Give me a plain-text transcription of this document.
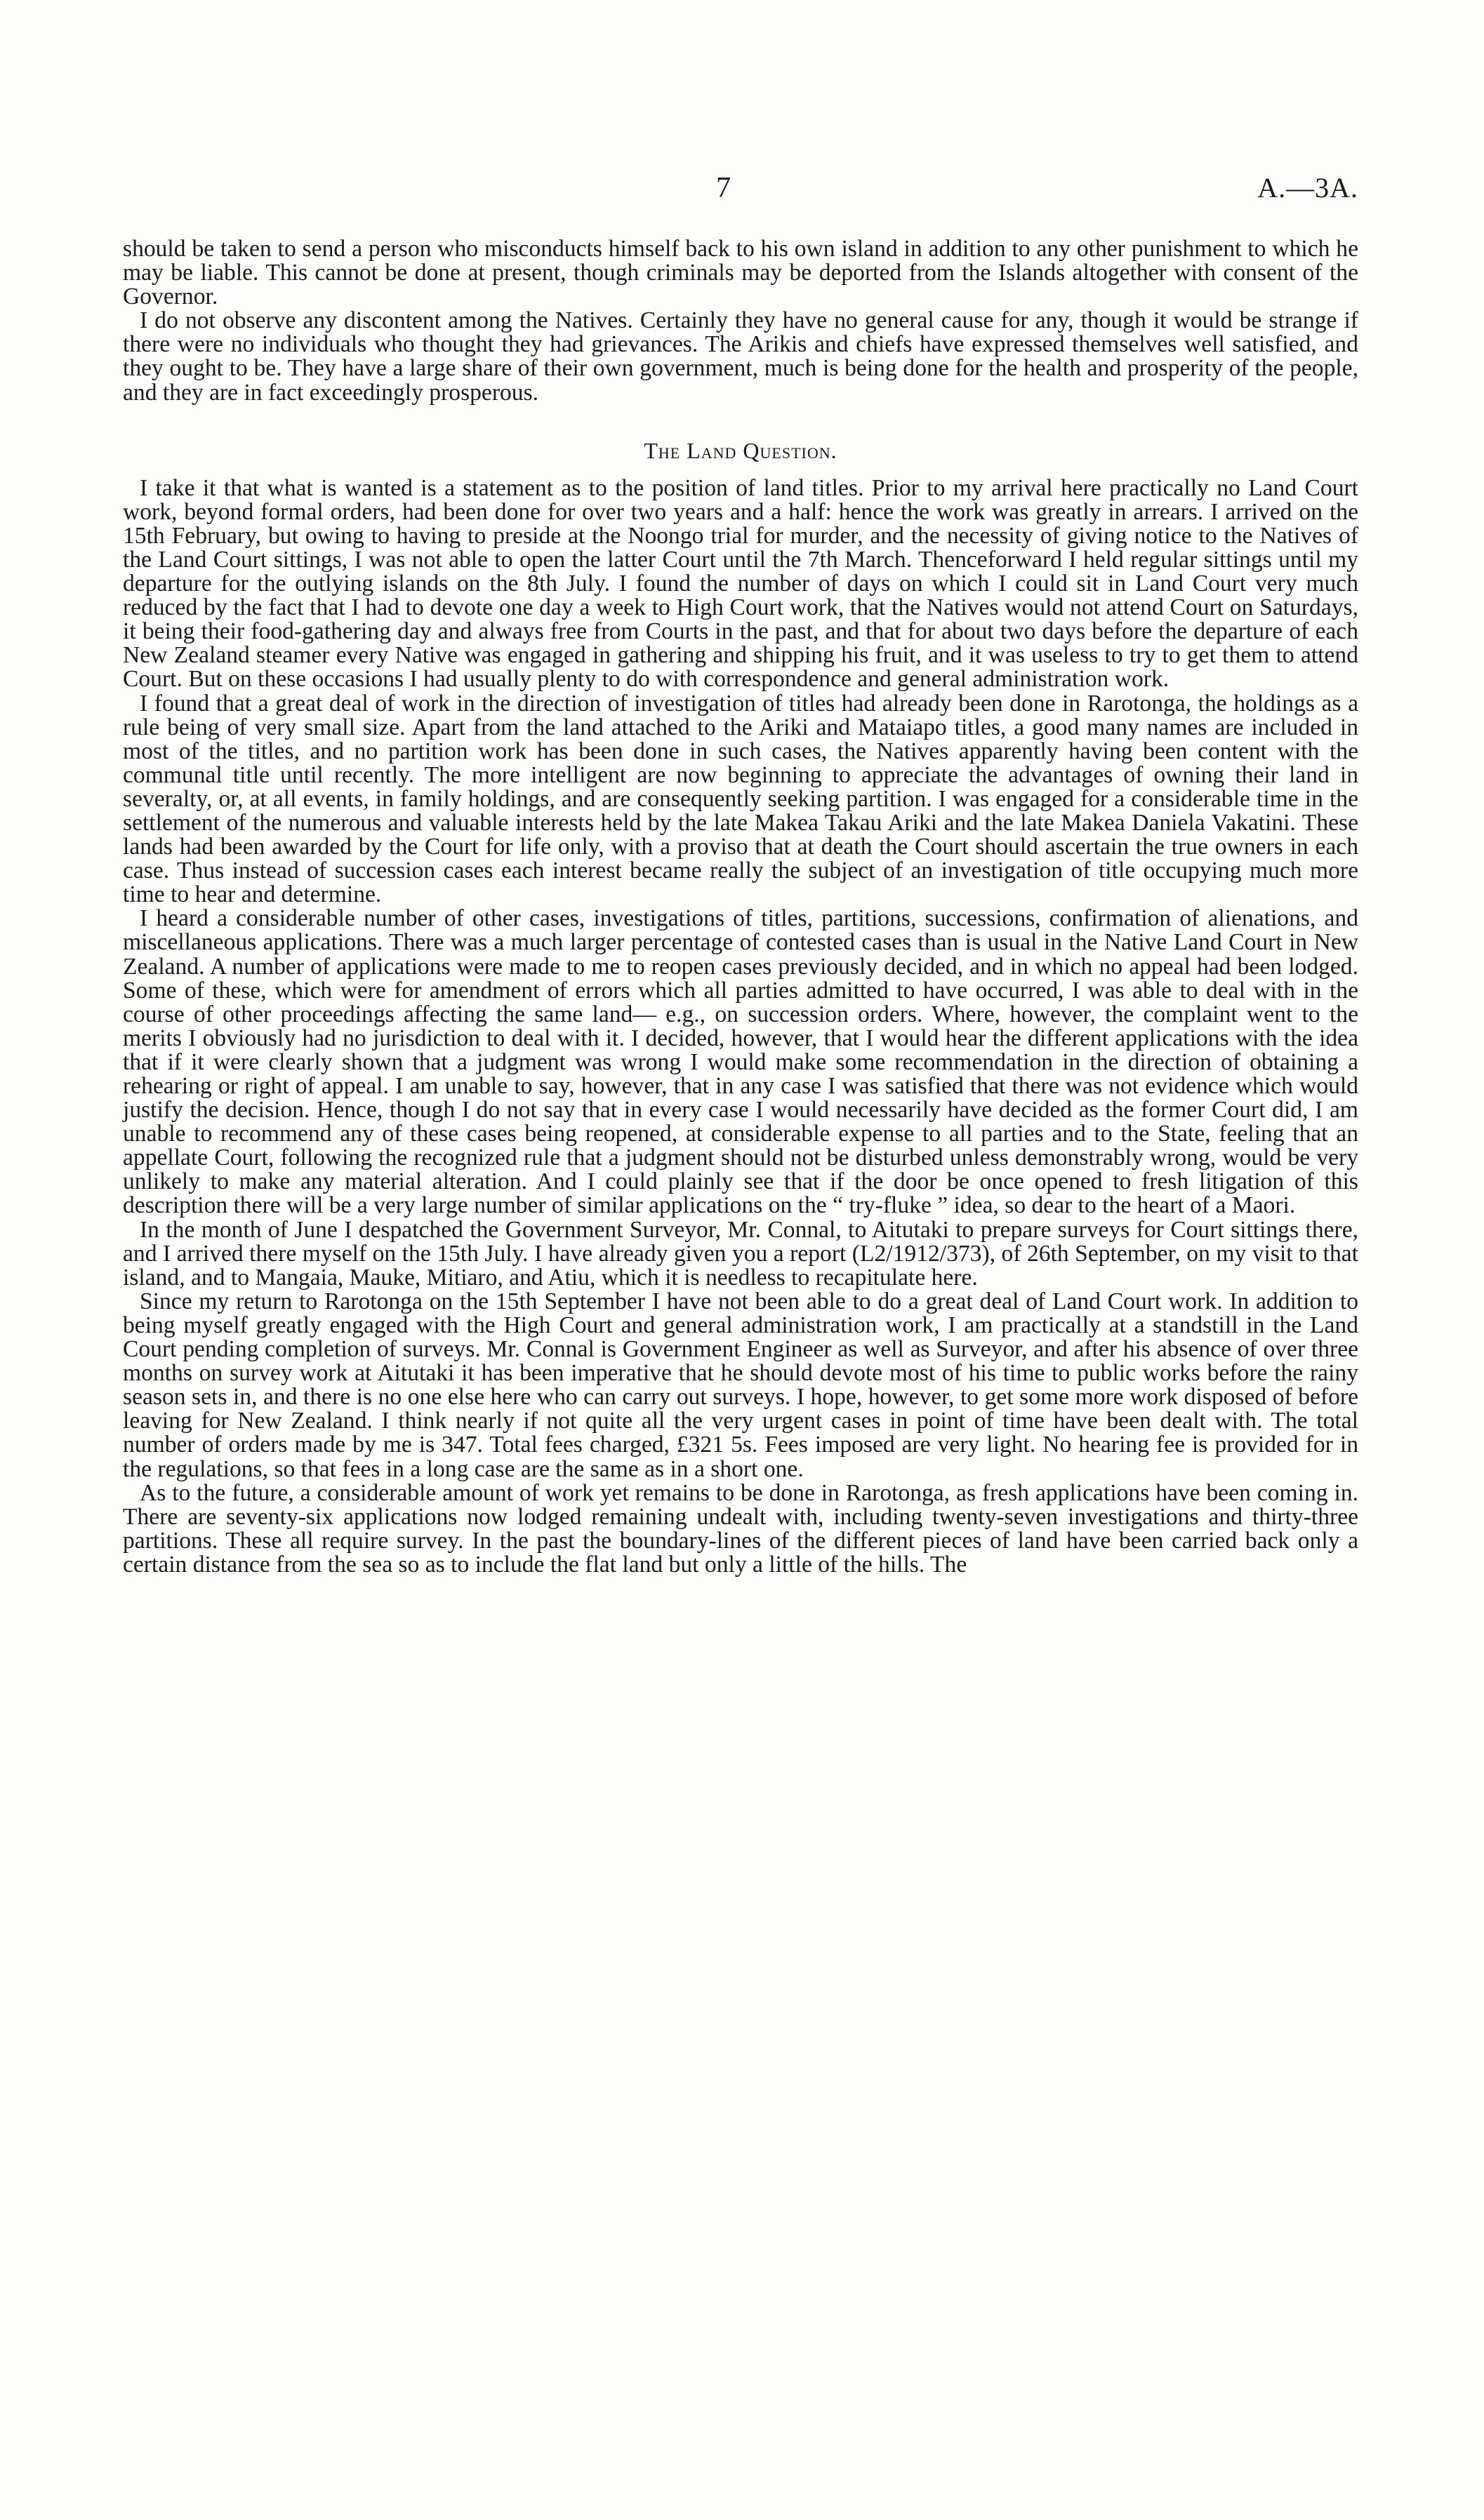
7	A.—3A.

should be taken to send a person who misconducts himself back to his own island in addition to any other punishment to which he may be liable. This cannot be done at present, though criminals may be deported from the Islands altogether with consent of the Governor.

I do not observe any discontent among the Natives. Certainly they have no general cause for any, though it would be strange if there were no individuals who thought they had grievances. The Arikis and chiefs have expressed themselves well satisfied, and they ought to be. They have a large share of their own government, much is being done for the health and prosperity of the people, and they are in fact exceedingly prosperous.

The Land Question.

I take it that what is wanted is a statement as to the position of land titles. Prior to my arrival here practically no Land Court work, beyond formal orders, had been done for over two years and a half: hence the work was greatly in arrears. I arrived on the 15th February, but owing to having to preside at the Noongo trial for murder, and the necessity of giving notice to the Natives of the Land Court sittings, I was not able to open the latter Court until the 7th March. Thenceforward I held regular sittings until my departure for the outlying islands on the 8th July. I found the number of days on which I could sit in Land Court very much reduced by the fact that I had to devote one day a week to High Court work, that the Natives would not attend Court on Saturdays, it being their food-gathering day and always free from Courts in the past, and that for about two days before the departure of each New Zealand steamer every Native was engaged in gathering and shipping his fruit, and it was useless to try to get them to attend Court. But on these occasions I had usually plenty to do with correspondence and general administration work.

I found that a great deal of work in the direction of investigation of titles had already been done in Rarotonga, the holdings as a rule being of very small size. Apart from the land attached to the Ariki and Mataiapo titles, a good many names are included in most of the titles, and no partition work has been done in such cases, the Natives apparently having been content with the communal title until recently. The more intelligent are now beginning to appreciate the advantages of owning their land in severalty, or, at all events, in family holdings, and are consequently seeking partition. I was engaged for a considerable time in the settlement of the numerous and valuable interests held by the late Makea Takau Ariki and the late Makea Daniela Vakatini. These lands had been awarded by the Court for life only, with a proviso that at death the Court should ascertain the true owners in each case. Thus instead of succession cases each interest became really the subject of an investigation of title occupying much more time to hear and determine.

I heard a considerable number of other cases, investigations of titles, partitions, successions, confirmation of alienations, and miscellaneous applications. There was a much larger percentage of contested cases than is usual in the Native Land Court in New Zealand. A number of applications were made to me to reopen cases previously decided, and in which no appeal had been lodged. Some of these, which were for amendment of errors which all parties admitted to have occurred, I was able to deal with in the course of other proceedings affecting the same land— e.g., on succession orders. Where, however, the complaint went to the merits I obviously had no jurisdiction to deal with it. I decided, however, that I would hear the different applications with the idea that if it were clearly shown that a judgment was wrong I would make some recommendation in the direction of obtaining a rehearing or right of appeal. I am unable to say, however, that in any case I was satisfied that there was not evidence which would justify the decision. Hence, though I do not say that in every case I would necessarily have decided as the former Court did, I am unable to recommend any of these cases being reopened, at considerable expense to all parties and to the State, feeling that an appellate Court, following the recognized rule that a judgment should not be disturbed unless demonstrably wrong, would be very unlikely to make any material alteration. And I could plainly see that if the door be once opened to fresh litigation of this description there will be a very large number of similar applications on the “ try-fluke ” idea, so dear to the heart of a Maori.

In the month of June I despatched the Government Surveyor, Mr. Connal, to Aitutaki to prepare surveys for Court sittings there, and I arrived there myself on the 15th July. I have already given you a report (L2/1912/373), of 26th September, on my visit to that island, and to Mangaia, Mauke, Mitiaro, and Atiu, which it is needless to recapitulate here.

Since my return to Rarotonga on the 15th September I have not been able to do a great deal of Land Court work. In addition to being myself greatly engaged with the High Court and general administration work, I am practically at a standstill in the Land Court pending completion of surveys. Mr. Connal is Government Engineer as well as Surveyor, and after his absence of over three months on survey work at Aitutaki it has been imperative that he should devote most of his time to public works before the rainy season sets in, and there is no one else here who can carry out surveys. I hope, however, to get some more work disposed of before leaving for New Zealand. I think nearly if not quite all the very urgent cases in point of time have been dealt with. The total number of orders made by me is 347. Total fees charged, £321 5s. Fees imposed are very light. No hearing fee is provided for in the regulations, so that fees in a long case are the same as in a short one.

As to the future, a considerable amount of work yet remains to be done in Rarotonga, as fresh applications have been coming in. There are seventy-six applications now lodged remaining undealt with, including twenty-seven investigations and thirty-three partitions. These all require survey. In the past the boundary-lines of the different pieces of land have been carried back only a certain distance from the sea so as to include the flat land but only a little of the hills. The
